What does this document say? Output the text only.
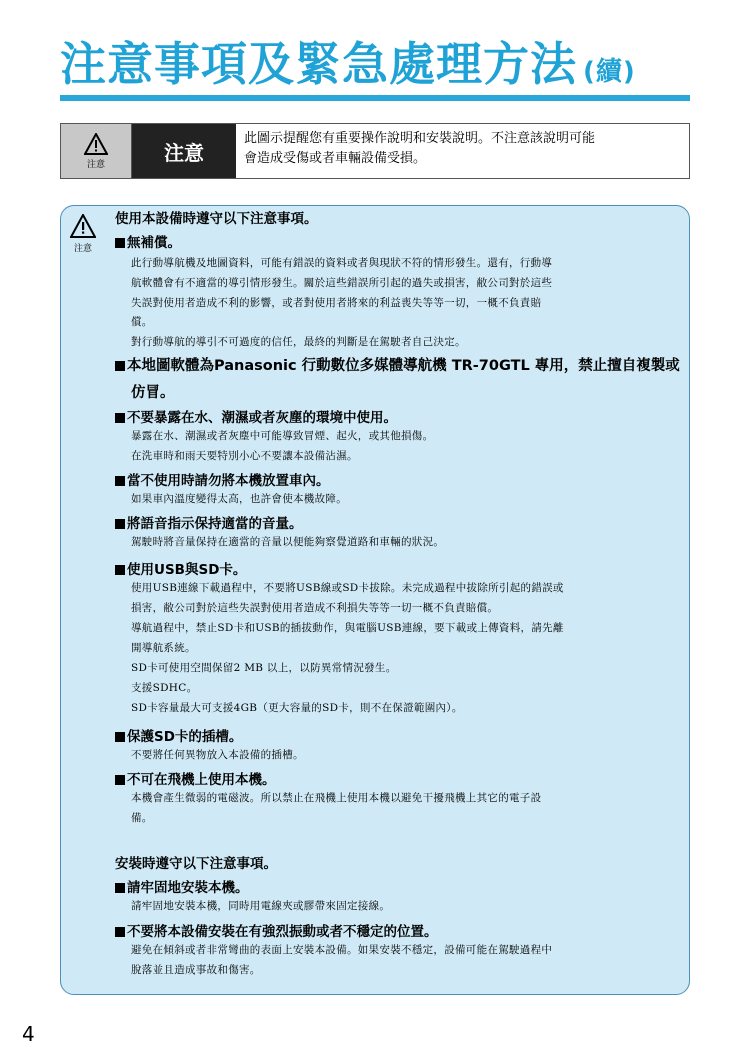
注意事項及緊急處理方法 (續)
注意	注意
此圖示提醒您有重要操作說明和安裝說明。不注意該說明可能
會造成受傷或者車輛設備受損。
注意
使用本設備時遵守以下注意事項。
無補償。
此行動導航機及地圖資料，可能有錯誤的資料或者與現狀不符的情形發生。還有，行動導
航軟體會有不適當的導引情形發生。關於這些錯誤所引起的過失或損害，敝公司對於這些
失誤對使用者造成不利的影響，或者對使用者將來的利益喪失等等一切，一概不負責賠
償。
對行動導航的導引不可過度的信任，最終的判斷是在駕駛者自己決定。
本地圖軟體為Panasonic 行動數位多媒體導航機 TR-70GTL 專用，禁止擅自複製或
仿冒。
不要暴露在水、潮濕或者灰塵的環境中使用。
暴露在水、潮濕或者灰塵中可能導致冒煙、起火，或其他損傷。
在洗車時和雨天要特別小心不要讓本設備沾濕。
當不使用時請勿將本機放置車內。
如果車內溫度變得太高，也許會使本機故障。
將語音指示保持適當的音量。
駕駛時將音量保持在適當的音量以便能夠察覺道路和車輛的狀況。
使用USB與SD卡。
使用USB連線下載過程中，不要將USB線或SD卡拔除。未完成過程中拔除所引起的錯誤或
損害，敝公司對於這些失誤對使用者造成不利損失等等一切一概不負責賠償。
導航過程中，禁止SD卡和USB的插拔動作，與電腦USB連線，要下載或上傳資料，請先離
開導航系統。
SD卡可使用空間保留2 MB 以上，以防異常情況發生。
支援SDHC。
SD卡容量最大可支援4GB（更大容量的SD卡，則不在保證範圍內）。
保護SD卡的插槽。
不要將任何異物放入本設備的插槽。
不可在飛機上使用本機。
本機會產生微弱的電磁波。所以禁止在飛機上使用本機以避免干擾飛機上其它的電子設
備。
安裝時遵守以下注意事項。
請牢固地安裝本機。
請牢固地安裝本機，同時用電線夾或膠帶來固定接線。
不要將本設備安裝在有強烈振動或者不穩定的位置。
避免在傾斜或者非常彎曲的表面上安裝本設備。如果安裝不穩定，設備可能在駕駛過程中
脫落並且造成事故和傷害。
4
